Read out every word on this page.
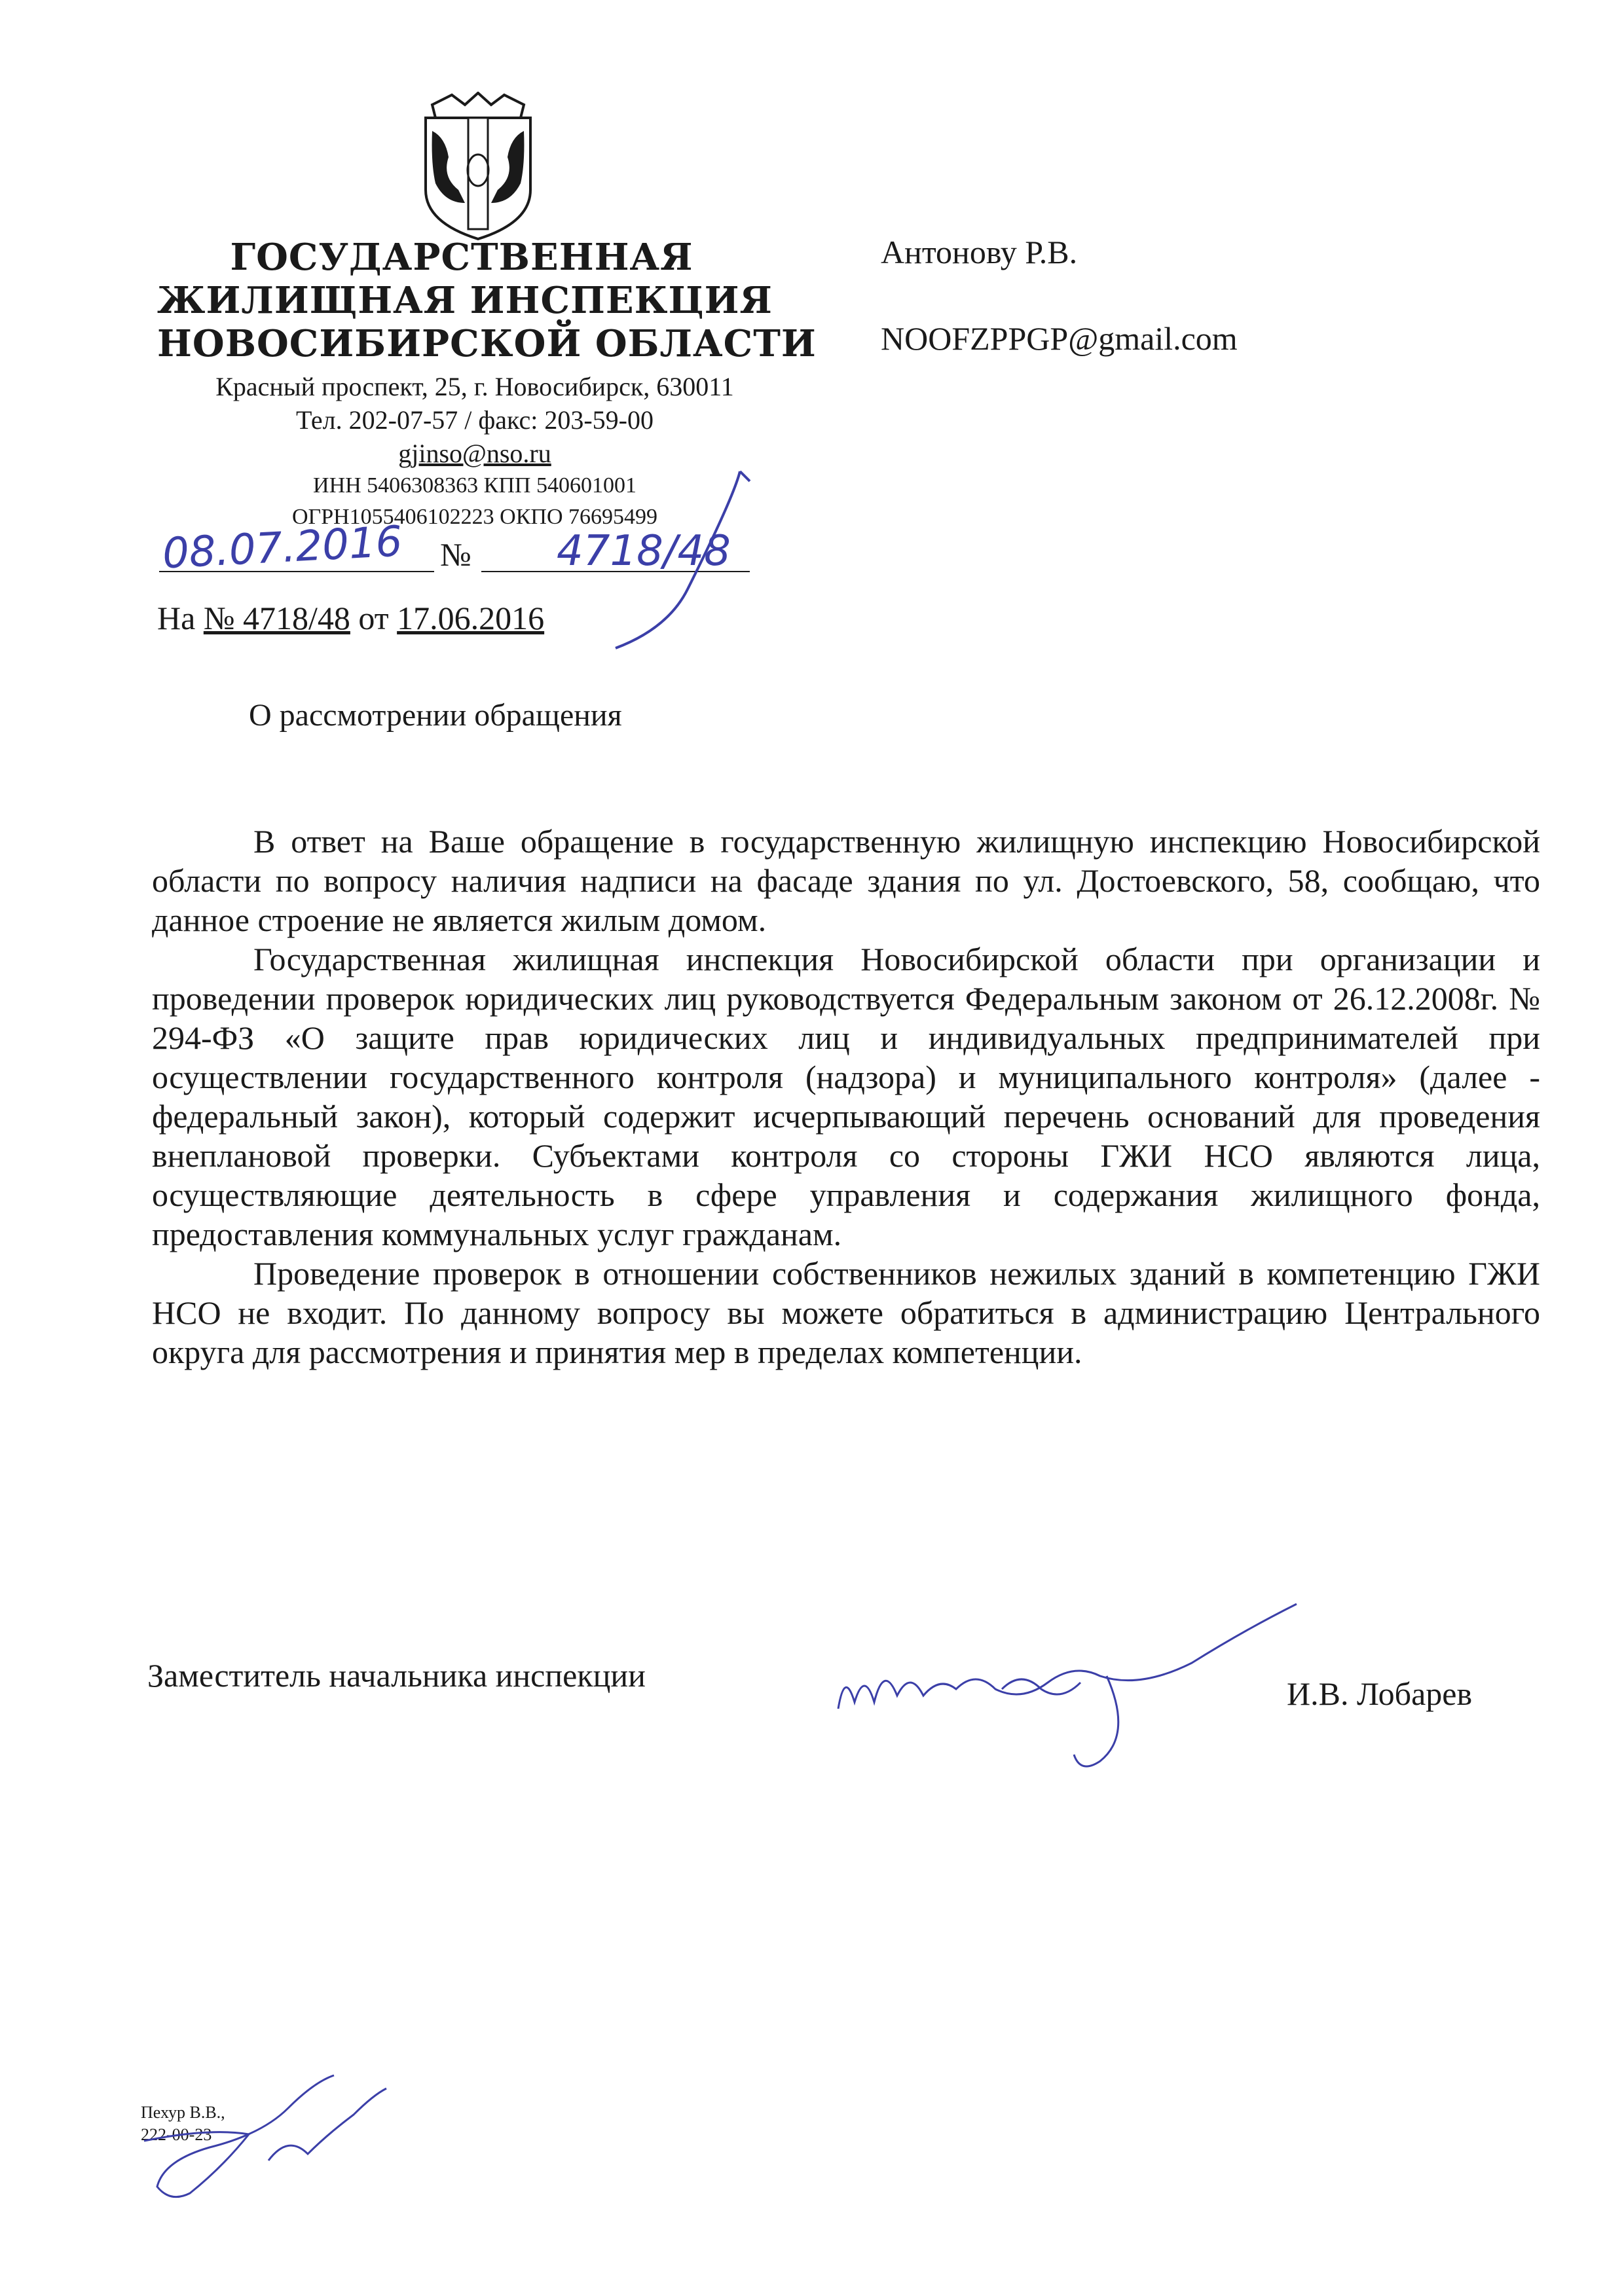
ГОСУДАРСТВЕННАЯ
ЖИЛИЩНАЯ ИНСПЕКЦИЯ
НОВОСИБИРСКОЙ ОБЛАСТИ
Красный проспект, 25, г. Новосибирск, 630011
Тел. 202-07-57 / факс: 203-59-00
gjinso@nso.ru
ИНН 5406308363 КПП 540601001
ОГРН1055406102223 ОКПО 76695499
Антонову Р.В.
NOOFZPPGP@gmail.com
№
08.07.2016	4718/48
На № 4718/48 от 17.06.2016
О рассмотрении обращения

В ответ на Ваше обращение в государственную жилищную инспекцию Новосибирской области по вопросу наличия надписи на фасаде здания по ул. Достоевского, 58, сообщаю, что данное строение не является жилым домом.

Государственная жилищная инспекция Новосибирской области при организации и проведении проверок юридических лиц руководствуется Федеральным законом от 26.12.2008г. № 294-ФЗ «О защите прав юридических лиц и индивидуальных предпринимателей при осуществлении государственного контроля (надзора) и муниципального контроля» (далее - федеральный закон), который содержит исчерпывающий перечень оснований для проведения внеплановой проверки. Субъектами контроля со стороны ГЖИ НСО являются лица, осуществляющие деятельность в сфере управления и содержания жилищного фонда, предоставления коммунальных услуг гражданам.

Проведение проверок в отношении собственников нежилых зданий в компетенцию ГЖИ НСО не входит. По данному вопросу вы можете обратиться в администрацию Центрального округа для рассмотрения и принятия мер в пределах компетенции.

Заместитель начальника инспекции	И.В. Лобарев
Пехур В.В.,
222-00-23
